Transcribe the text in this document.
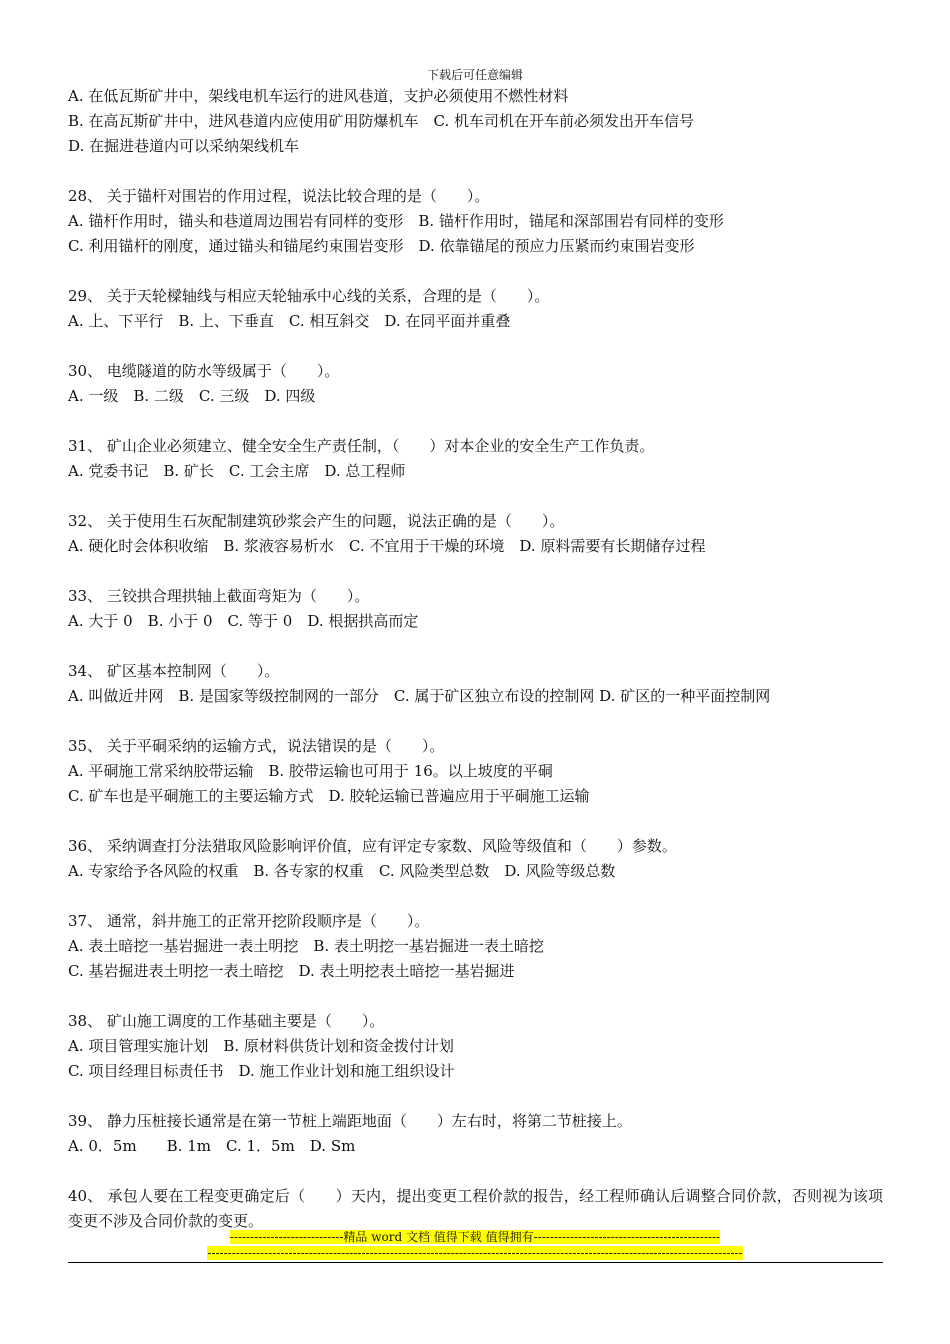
下载后可任意编辑
A. 在低瓦斯矿井中，架线电机车运行的进风巷道，支护必须使用不燃性材料
B. 在高瓦斯矿井中，进风巷道内应使用矿用防爆机车　C. 机车司机在开车前必须发出开车信号
D. 在掘进巷道内可以采纳架线机车
28、 关于锚杆对围岩的作用过程，说法比较合理的是（　　）。
A. 锚杆作用时，锚头和巷道周边围岩有同样的变形　B. 锚杆作用时，锚尾和深部围岩有同样的变形
C. 利用锚杆的刚度，通过锚头和锚尾约束围岩变形　D. 依靠锚尾的预应力压紧而约束围岩变形
29、 关于天轮樑轴线与相应天轮轴承中心线的关系，合理的是（　　）。
A. 上、下平行　B. 上、下垂直　C. 相互斜交　D. 在同平面并重叠
30、 电缆隧道的防水等级属于（　　）。
A. 一级　B. 二级　C. 三级　D. 四级
31、 矿山企业必须建立、健全安全生产责任制，（　　）对本企业的安全生产工作负责。
A. 党委书记　B. 矿长　C. 工会主席　D. 总工程师
32、 关于使用生石灰配制建筑砂浆会产生的问题，说法正确的是（　　）。
A. 硬化时会体积收缩　B. 浆液容易析水　C. 不宜用于干燥的环境　D. 原料需要有长期储存过程
33、 三铰拱合理拱轴上截面弯矩为（　　）。
A. 大于 0　B. 小于 0　C. 等于 0　D. 根据拱高而定
34、 矿区基本控制网（　　）。
A. 叫做近井网　B. 是国家等级控制网的一部分　C. 属于矿区独立布设的控制网 D. 矿区的一种平面控制网
35、 关于平硐采纳的运输方式，说法错误的是（　　）。
A. 平硐施工常采纳胶带运输　B. 胶带运输也可用于 16。以上坡度的平硐
C. 矿车也是平硐施工的主要运输方式　D. 胶轮运输已普遍应用于平硐施工运输
36、 采纳调查打分法猎取风险影响评价值，应有评定专家数、风险等级值和（　　）参数。
A. 专家给予各风险的权重　B. 各专家的权重　C. 风险类型总数　D. 风险等级总数
37、 通常，斜井施工的正常开挖阶段顺序是（　　）。
A. 表土暗挖一基岩掘进一表土明挖　B. 表土明挖一基岩掘进一表土暗挖
C. 基岩掘进表土明挖一表土暗挖　D. 表土明挖表土暗挖一基岩掘进
38、 矿山施工调度的工作基础主要是（　　）。
A. 项目管理实施计划　B. 原材料供货计划和资金拨付计划
C. 项目经理目标责任书　D. 施工作业计划和施工组织设计
39、 静力压桩接长通常是在第一节桩上端距地面（　　）左右时，将第二节桩接上。
A. 0．5m　　B. 1m　C. 1．5m　D. Sm
40、 承包人要在工程变更确定后（　　）天内，提出变更工程价款的报告，经工程师确认后调整合同价款，否则视为该项变更不涉及合同价款的变更。
----------------------------精品 word 文档 值得下载 值得拥有----------------------------------------------
------------------------------------------------------------------------------------------------------------------------------------
